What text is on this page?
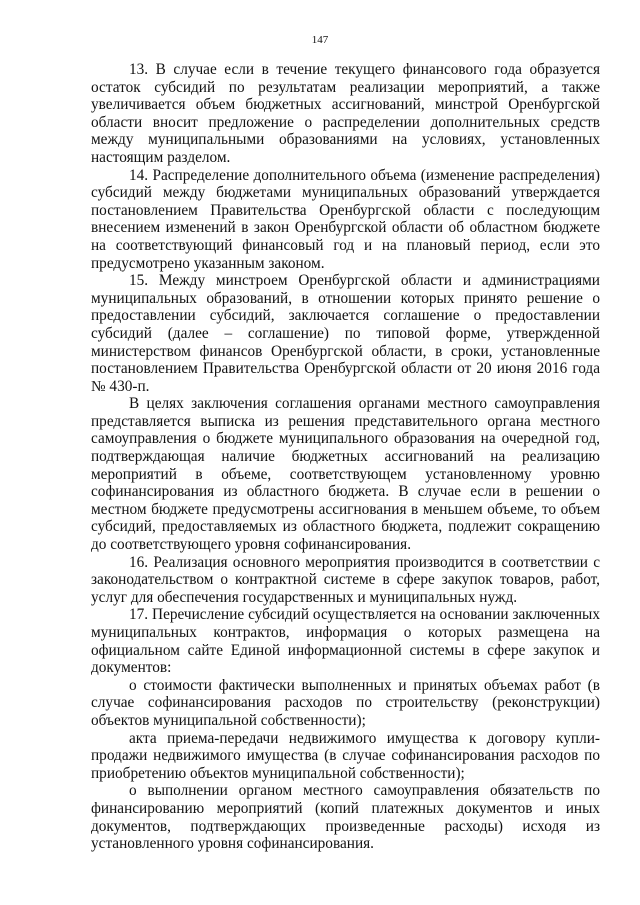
147

13. В случае если в течение текущего финансового года образуется остаток субсидий по результатам реализации мероприятий, а также увеличивается объем бюджетных ассигнований, минстрой Оренбургской области вносит предложение о распределении дополнительных средств между муниципальными образованиями на условиях, установленных настоящим разделом.

14. Распределение дополнительного объема (изменение распределения) субсидий между бюджетами муниципальных образований утверждается постановлением Правительства Оренбургской области с последующим внесением изменений в закон Оренбургской области об областном бюджете на соответствующий финансовый год и на плановый период, если это предусмотрено указанным законом.

15. Между минстроем Оренбургской области и администрациями муниципальных образований, в отношении которых принято решение о предоставлении субсидий, заключается соглашение о предоставлении субсидий (далее – соглашение) по типовой форме, утвержденной министерством финансов Оренбургской области, в сроки, установленные постановлением Правительства Оренбургской области от 20 июня 2016 года № 430-п.

В целях заключения соглашения органами местного самоуправления представляется выписка из решения представительного органа местного самоуправления о бюджете муниципального образования на очередной год, подтверждающая наличие бюджетных ассигнований на реализацию мероприятий в объеме, соответствующем установленному уровню софинансирования из областного бюджета. В случае если в решении о местном бюджете предусмотрены ассигнования в меньшем объеме, то объем субсидий, предоставляемых из областного бюджета, подлежит сокращению до соответствующего уровня софинансирования.

16. Реализация основного мероприятия производится в соответствии с законодательством о контрактной системе в сфере закупок товаров, работ, услуг для обеспечения государственных и муниципальных нужд.

17. Перечисление субсидий осуществляется на основании заключенных муниципальных контрактов, информация о которых размещена на официальном сайте Единой информационной системы в сфере закупок и документов:

о стоимости фактически выполненных и принятых объемах работ (в случае софинансирования расходов по строительству (реконструкции) объектов муниципальной собственности);

акта приема-передачи недвижимого имущества к договору купли-продажи недвижимого имущества (в случае софинансирования расходов по приобретению объектов муниципальной собственности);

о выполнении органом местного самоуправления обязательств по финансированию мероприятий (копий платежных документов и иных документов, подтверждающих произведенные расходы) исходя из установленного уровня софинансирования.
